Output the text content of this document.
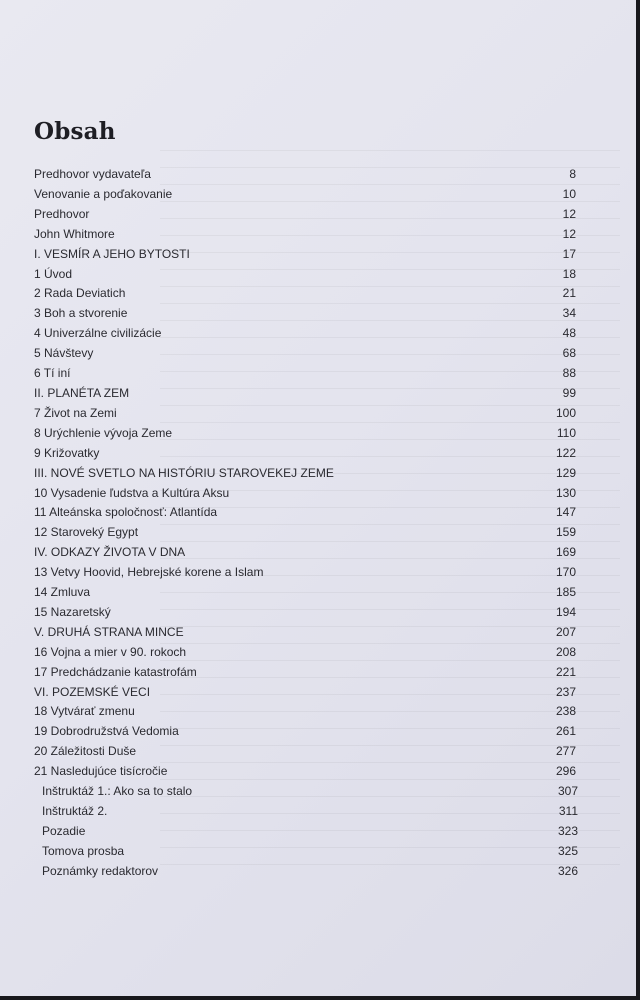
Obsah
Predhovor vydavateľa	8
Venovanie a poďakovanie	10
Predhovor	12
John Whitmore	12
I. VESMÍR A JEHO BYTOSTI	17
1 Úvod	18
2 Rada Deviatich	21
3 Boh a stvorenie	34
4 Univerzálne civilizácie	48
5 Návštevy	68
6 Tí iní	88
II. PLANÉTA ZEM	99
7 Život na Zemi	100
8 Urýchlenie vývoja Zeme	110
9 Križovatky	122
III. NOVÉ SVETLO NA HISTÓRIU STAROVEKEJ ZEME	129
10 Vysadenie ľudstva a Kultúra Aksu	130
11 Alteánska spoločnosť: Atlantída	147
12 Staroveký Egypt	159
IV. ODKAZY ŽIVOTA V DNA	169
13 Vetvy Hoovid, Hebrejské korene a Islam	170
14 Zmluva	185
15 Nazaretský	194
V. DRUHÁ STRANA MINCE	207
16 Vojna a mier v 90. rokoch	208
17 Predchádzanie katastrofám	221
VI. POZEMSKÉ VECI	237
18 Vytvárať zmenu	238
19 Dobrodružstvá Vedomia	261
20 Záležitosti Duše	277
21 Nasledujúce tisícročie	296
Inštruktáž 1.: Ako sa to stalo	307
Inštruktáž 2.	311
Pozadie	323
Tomova prosba	325
Poznámky redaktorov	326
